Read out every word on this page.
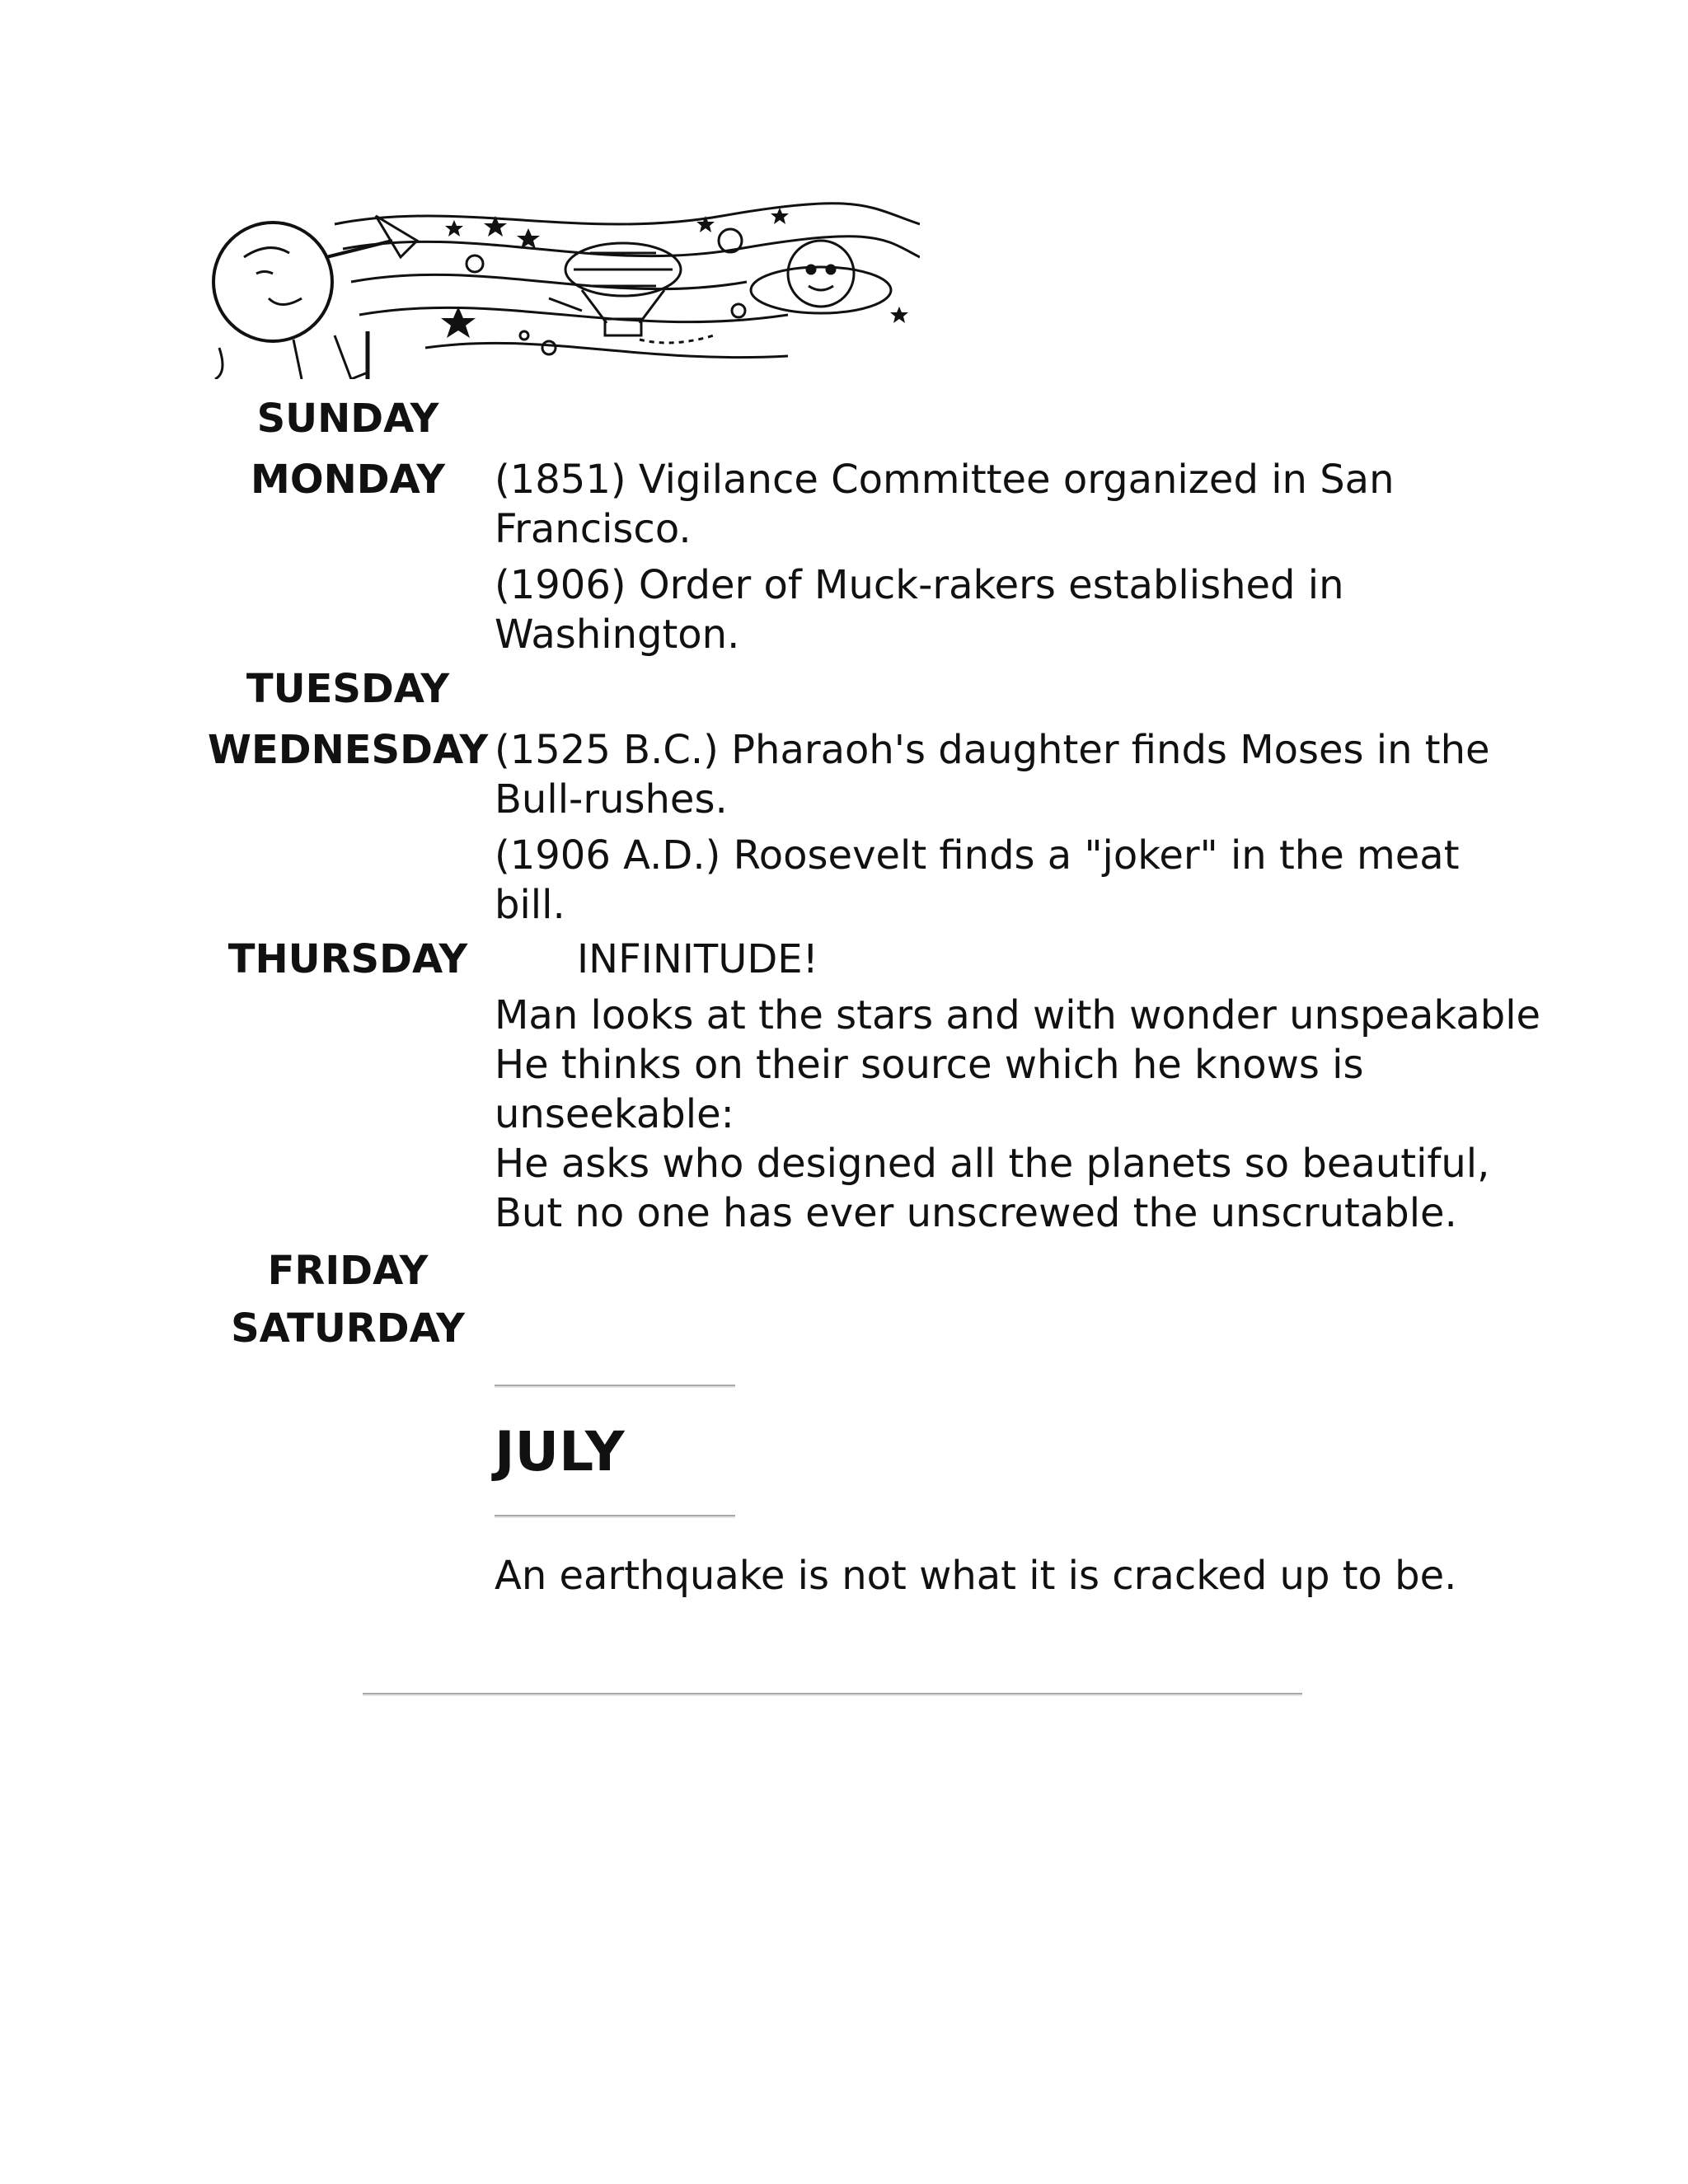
SUNDAY
MONDAY
TUESDAY
WEDNESDAY
THURSDAY
FRIDAY
SATURDAY

(1851) Vigilance Committee organized in San
Francisco.

(1906) Order of Muck-rakers established in
Washington.

(1525 B.C.) Pharaoh's daughter finds Moses in the
Bull-rushes.

(1906 A.D.) Roosevelt finds a "joker" in the meat
bill.

INFINITUDE!

Man looks at the stars and with wonder unspeakable
He thinks on their source which he knows is
unseekable:
He asks who designed all the planets so beautiful,
But no one has ever unscrewed the unscrutable.

JULY

An earthquake is not what it is cracked up to be.
